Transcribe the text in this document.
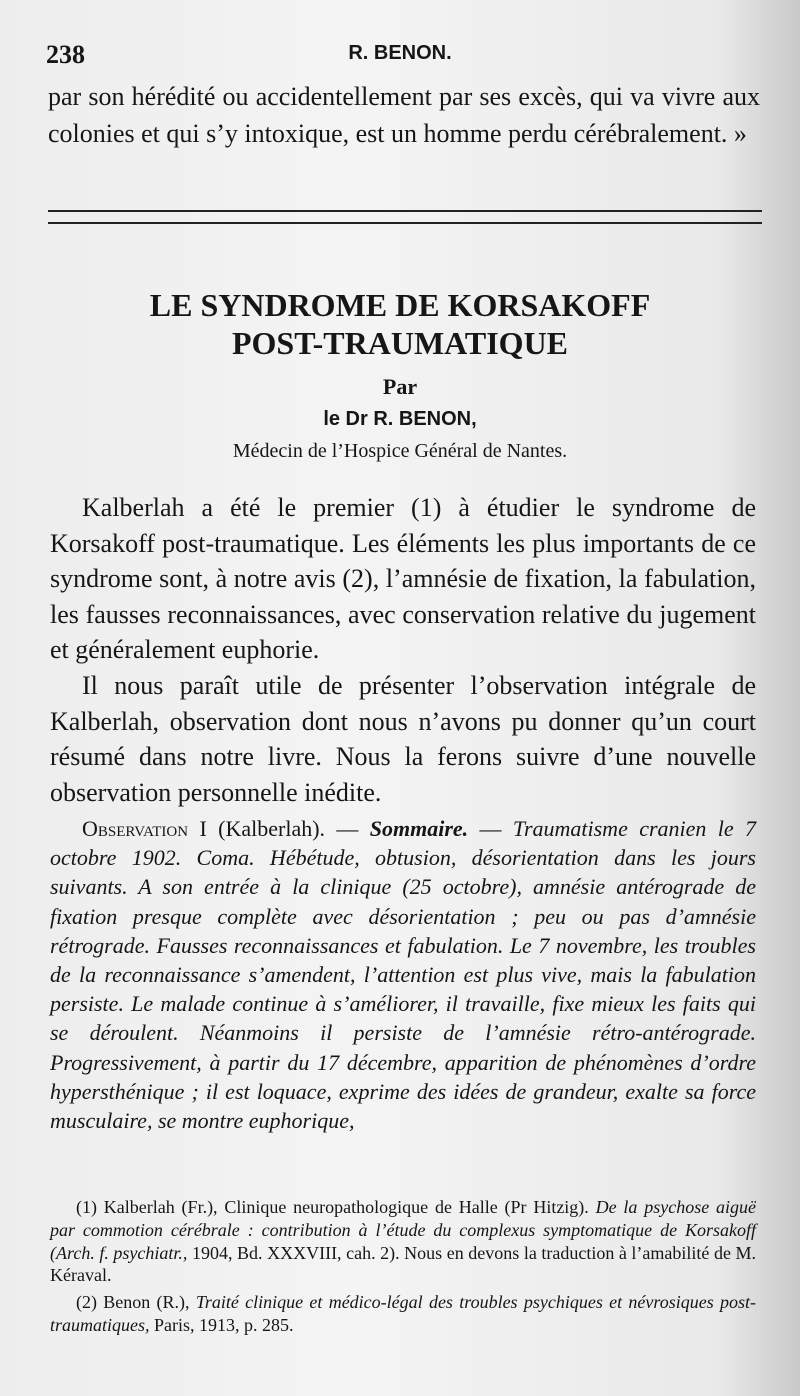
238	R. BENON.

par son hérédité ou accidentellement par ses excès, qui va vivre aux colonies et qui s’y intoxique, est un homme perdu cérébralement. »

LE SYNDROME DE KORSAKOFF
POST-TRAUMATIQUE
Par
le Dr R. BENON,
Médecin de l’Hospice Général de Nantes.

Kalberlah a été le premier (1) à étudier le syndrome de Korsakoff post-traumatique. Les éléments les plus importants de ce syndrome sont, à notre avis (2), l’amnésie de fixation, la fabulation, les fausses reconnaissances, avec conservation relative du jugement et généralement euphorie.

Il nous paraît utile de présenter l’observation intégrale de Kalberlah, observation dont nous n’avons pu donner qu’un court résumé dans notre livre. Nous la ferons suivre d’une nouvelle observation personnelle inédite.

Observation I (Kalberlah). — Sommaire. — Traumatisme cranien le 7 octobre 1902. Coma. Hébétude, obtusion, désorientation dans les jours suivants. A son entrée à la clinique (25 octobre), amnésie antérograde de fixation presque complète avec désorientation ; peu ou pas d’amnésie rétrograde. Fausses reconnaissances et fabulation. Le 7 novembre, les troubles de la reconnaissance s’amendent, l’attention est plus vive, mais la fabulation persiste. Le malade continue à s’améliorer, il travaille, fixe mieux les faits qui se déroulent. Néanmoins il persiste de l’amnésie rétro-antérograde. Progressivement, à partir du 17 décembre, apparition de phénomènes d’ordre hypersthénique ; il est loquace, exprime des idées de grandeur, exalte sa force musculaire, se montre euphorique,

(1) Kalberlah (Fr.), Clinique neuropathologique de Halle (Pr Hitzig). De la psychose aiguë par commotion cérébrale : contribution à l’étude du complexus symptomatique de Korsakoff (Arch. f. psychiatr., 1904, Bd. XXXVIII, cah. 2). Nous en devons la traduction à l’amabilité de M. Kéraval.

(2) Benon (R.), Traité clinique et médico-légal des troubles psychiques et névrosiques post-traumatiques, Paris, 1913, p. 285.
